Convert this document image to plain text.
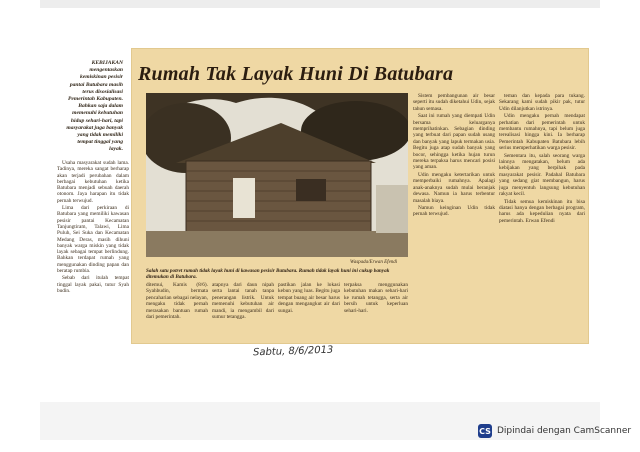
KEBIJAKAN mengentaskan kemiskinan pesisir pantai Batubara masih terus disosialisasi Pemerintah Kabupaten. Bahkan saja dalam memenuhi kebutuhan hidup sehari-hari, tapi masyarakat juga banyak yang tidak memiliki tempat tinggal yang layak.

Usaha masyarakat sudah lama. Tadinya, mereka sangat berharap akan terjadi perubahan dalam berbagai kebutuhan ketika Batubara menjadi sebuah daerah otonom. Jaya harapan itu tidak pernah terwujud.

Lima dari perkiraan di Batubara yang memiliki kawasan pesisir pantai Kecamatan Tanjungtiram, Talawi, Lima Puluh, Sei Suka dan Kecamatan Medang Deras, masih dihuni banyak warga miskin yang tidak layak sebagai tempat berlindung. Bahkan terdapat rumah yang menggunakan dinding papan dan beratap rumbia.

Sebab dari itulah tempat tinggal layak pakai, tutur Syah budin.

Rumah Tak Layak Huni Di Batubara
Waspada/Erwan Efendi
Salah satu potret rumah tidak layak huni di kawasan pesisir Batubara. Rumah tidak layak huni ini cukup banyak ditemukan di Batubara.

Sistem pembangunan air besar seperti itu sudah diketahui Udin, sejak tahun semasa.

Saat ini rumah yang diempati Udin bersama keluarganya memprihatinkan. Sebagian dinding yang terbuat dari papan sudah usang dan banyak yang lapuk termakan usia. Begitu juga atap sudah banyak yang bocor, sehingga ketika hujan turun mereka terpaksa harus mencari posisi yang aman.

Udin mengaku ketertarikan untuk memperbaiki rumahnya. Apalagi anak-anaknya sudah mulai beranjak dewasa. Namun ia harus terbentur masalah biaya.

Namun keinginan Udin tidak pernah terwujud.

teman dan kepada para tukang. Sekarang kami sudah pikir pak, tutur Udin dilanjutkan istrinya.

Udin mengaku pernah mendapat perhatian dari pemerintah untuk membantu rumahnya, tapi belum juga terealisasi hingga kini. Ia berharap Pemerintah Kabupaten Batubara lebih serius memperhatikan warga pesisir.

Sementara itu, salah seorang warga lainnya mengatakan, belum ada kebijakan yang berpihak pada masyarakat pesisir. Padahal Batubara yang sedang giat membangun, harus juga menyentuh langsung kebutuhan rakyat kecil.

Tidak semua kemiskinan itu bisa diatasi hanya dengan berbagai program, harus ada kepedulian nyata dari pemerintah. Erwan Efendi

ditemui, Kamis (8/6). Syahbudin, bermata pencaharian sebagai nelayan, mengaku tidak pernah merasakan bantuan rumah dari pemerintah.
atapnya dari daun nipah serta lantai tanah tanpa penerangan listrik. Untuk memenuhi kebutuhan air mandi, ia mengambil dari sumur tetangga.
pastikan jalan ke lokasi kebun yang luas. Begitu juga tempat buang air besar harus dengan mengangkut air dari sungai.
terpaksa menggunakan kebutuhan makan sehari-hari ke rumah tetangga, serta air bersih untuk keperluan sehari-hari.
Sabtu, 8/6/2013
CS Dipindai dengan CamScanner
